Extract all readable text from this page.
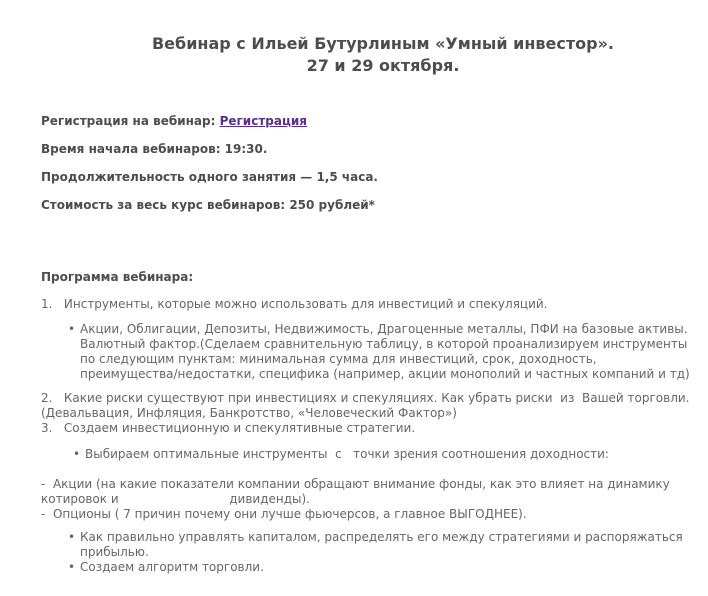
Вебинар с Ильей Бутурлиным «Умный инвестор».
27 и 29 октября.

Регистрация на вебинар: Регистрация

Время начала вебинаров: 19:30.

Продолжительность одного занятия — 1,5 часа.

Стоимость за весь курс вебинаров: 250 рублей*

Программа вебинара:

1.   Инструменты, которые можно использовать для инвестиций и спекуляций.
• Акции, Облигации, Депозиты, Недвижимость, Драгоценные металлы, ПФИ на базовые активы.
Валютный фактор.(Сделаем сравнительную таблицу, в которой проанализируем инструменты
по следующим пунктам: минимальная сумма для инвестиций, срок, доходность,
преимущества/недостатки, специфика (например, акции монополий и частных компаний и тд)
2.   Какие риски существуют при инвестициях и спекуляциях. Как убрать риски  из  Вашей торговли.
(Девальвация, Инфляция, Банкротство, «Человеческий Фактор»)
3.   Создаем инвестиционную и спекулятивные стратегии.
• Выбираем оптимальные инструменты  с   точки зрения соотношения доходности:
-  Акции (на какие показатели компании обращают внимание фонды, как это влияет на динамику
котировок и                             дивиденды).
-  Опционы ( 7 причин почему они лучше фьючерсов, а главное ВЫГОДНЕЕ).
• Как правильно управлять капиталом, распределять его между стратегиями и распоряжаться
прибылью.
• Создаем алгоритм торговли.
